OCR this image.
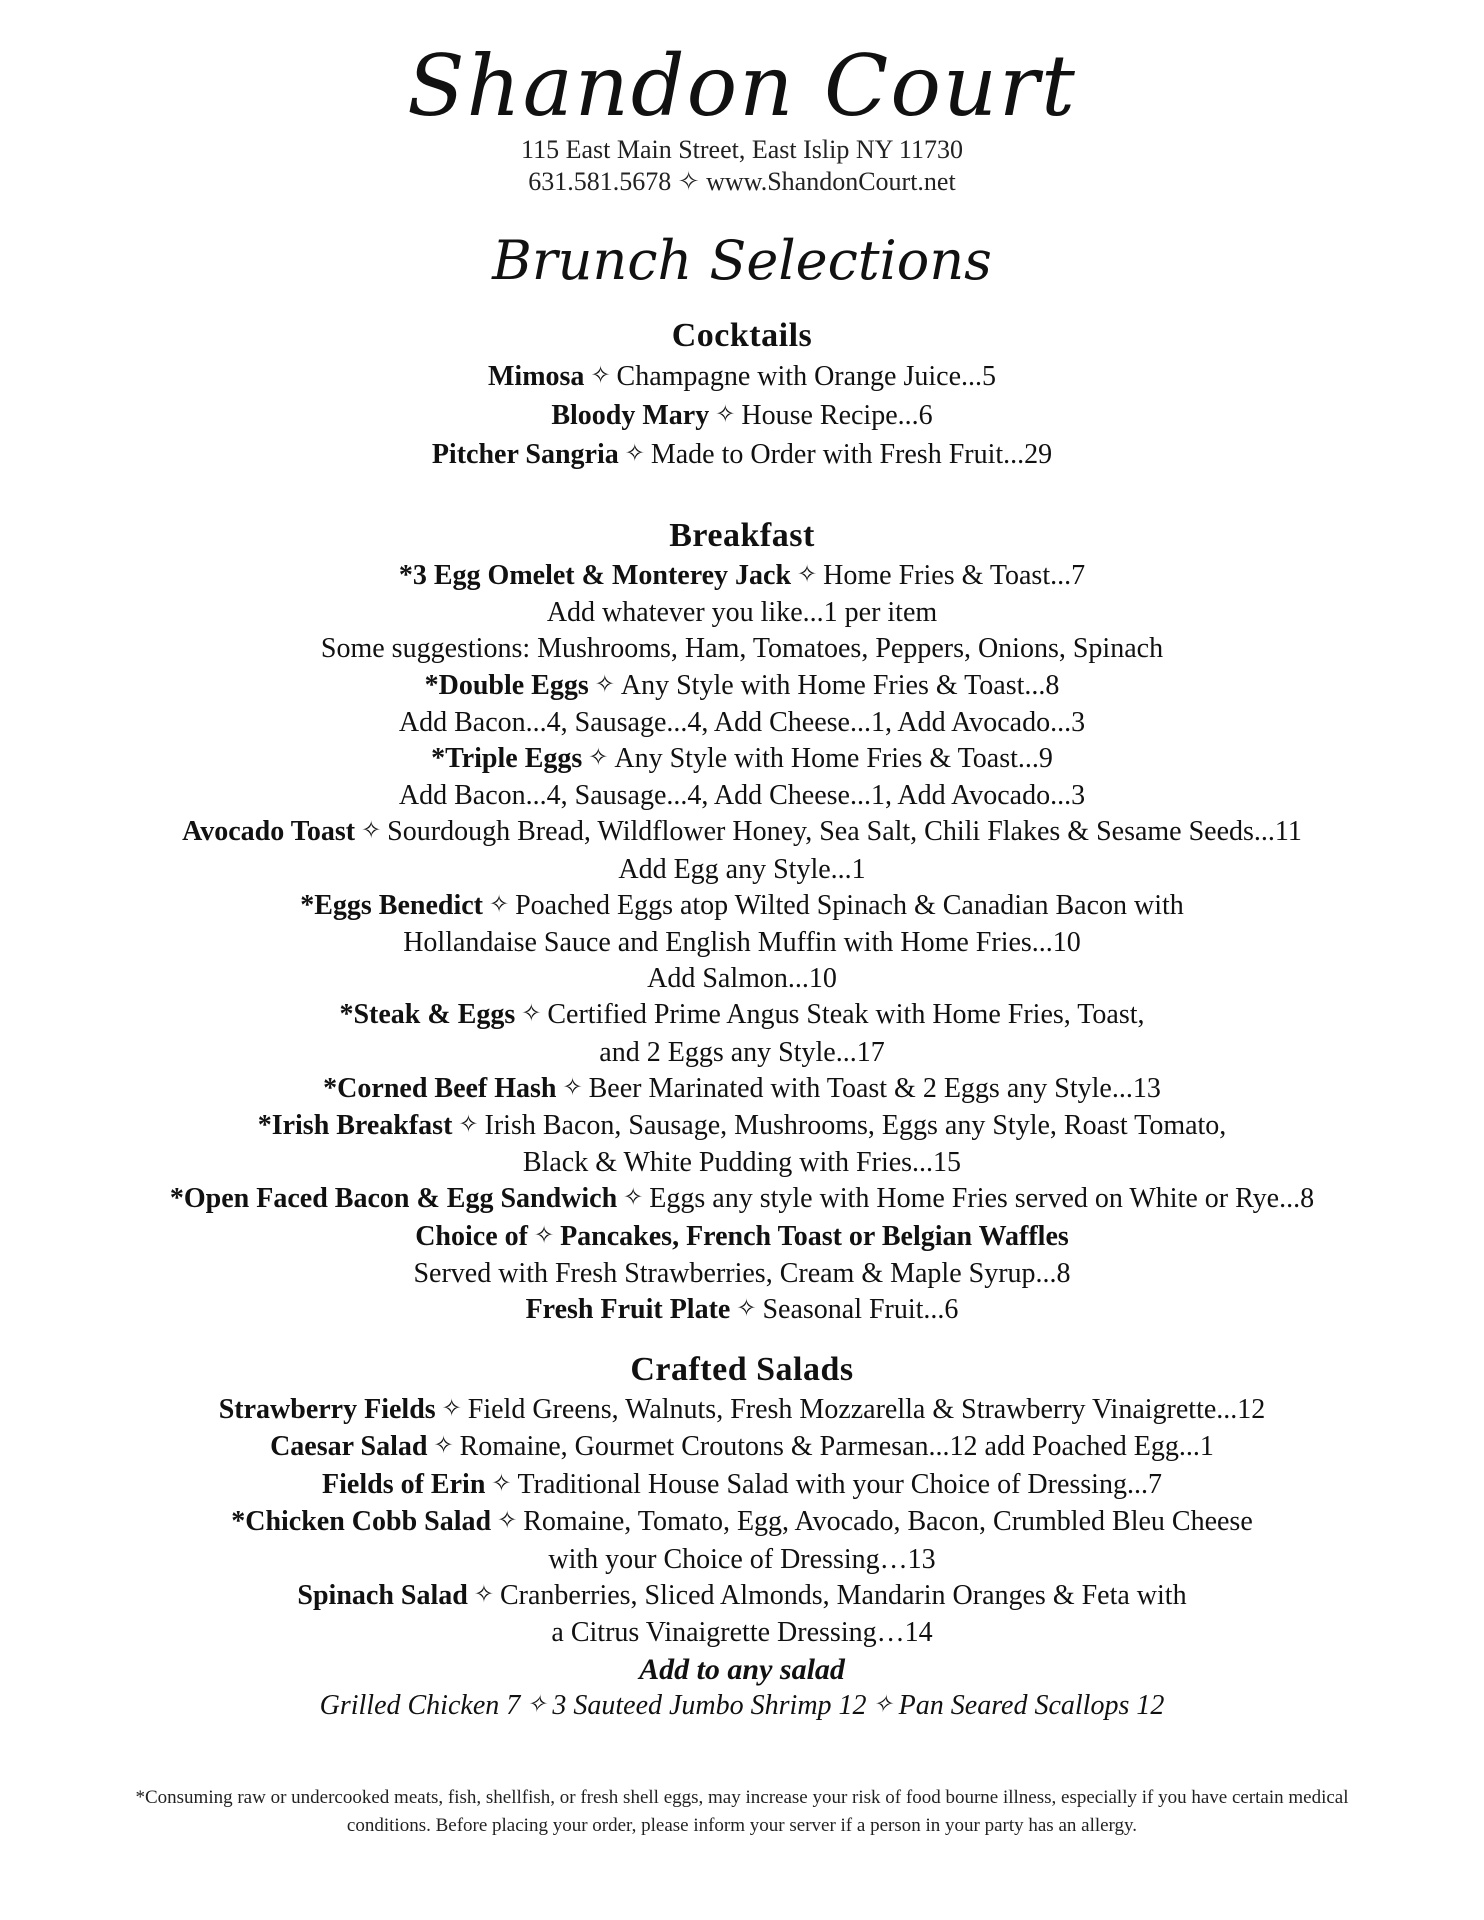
Shandon Court
115 East Main Street, East Islip NY 11730
631.581.5678 ✧ www.ShandonCourt.net
Brunch Selections
Cocktails
Mimosa ✧ Champagne with Orange Juice...5
Bloody Mary ✧ House Recipe...6
Pitcher Sangria ✧ Made to Order with Fresh Fruit...29
Breakfast
*3 Egg Omelet & Monterey Jack ✧ Home Fries & Toast...7
Add whatever you like...1 per item
Some suggestions: Mushrooms, Ham, Tomatoes, Peppers, Onions, Spinach
*Double Eggs ✧ Any Style with Home Fries & Toast...8
Add Bacon...4, Sausage...4, Add Cheese...1, Add Avocado...3
*Triple Eggs ✧ Any Style with Home Fries & Toast...9
Add Bacon...4, Sausage...4, Add Cheese...1, Add Avocado...3
Avocado Toast ✧ Sourdough Bread, Wildflower Honey, Sea Salt, Chili Flakes & Sesame Seeds...11
Add Egg any Style...1
*Eggs Benedict ✧ Poached Eggs atop Wilted Spinach & Canadian Bacon with
Hollandaise Sauce and English Muffin with Home Fries...10
Add Salmon...10
*Steak & Eggs ✧ Certified Prime Angus Steak with Home Fries, Toast,
and 2 Eggs any Style...17
*Corned Beef Hash ✧ Beer Marinated with Toast & 2 Eggs any Style...13
*Irish Breakfast ✧ Irish Bacon, Sausage, Mushrooms, Eggs any Style, Roast Tomato,
Black & White Pudding with Fries...15
*Open Faced Bacon & Egg Sandwich ✧ Eggs any style with Home Fries served on White or Rye...8
Choice of ✧ Pancakes, French Toast or Belgian Waffles
Served with Fresh Strawberries, Cream & Maple Syrup...8
Fresh Fruit Plate ✧ Seasonal Fruit...6
Crafted Salads
Strawberry Fields ✧ Field Greens, Walnuts, Fresh Mozzarella & Strawberry Vinaigrette...12
Caesar Salad ✧ Romaine, Gourmet Croutons & Parmesan...12 add Poached Egg...1
Fields of Erin ✧ Traditional House Salad with your Choice of Dressing...7
*Chicken Cobb Salad ✧ Romaine, Tomato, Egg, Avocado, Bacon, Crumbled Bleu Cheese
with your Choice of Dressing…13
Spinach Salad ✧ Cranberries, Sliced Almonds, Mandarin Oranges & Feta with
a Citrus Vinaigrette Dressing…14
Add to any salad
Grilled Chicken 7 ✧ 3 Sauteed Jumbo Shrimp 12 ✧ Pan Seared Scallops 12
*Consuming raw or undercooked meats, fish, shellfish, or fresh shell eggs, may increase your risk of food bourne illness, especially if you have certain medical
conditions. Before placing your order, please inform your server if a person in your party has an allergy.
